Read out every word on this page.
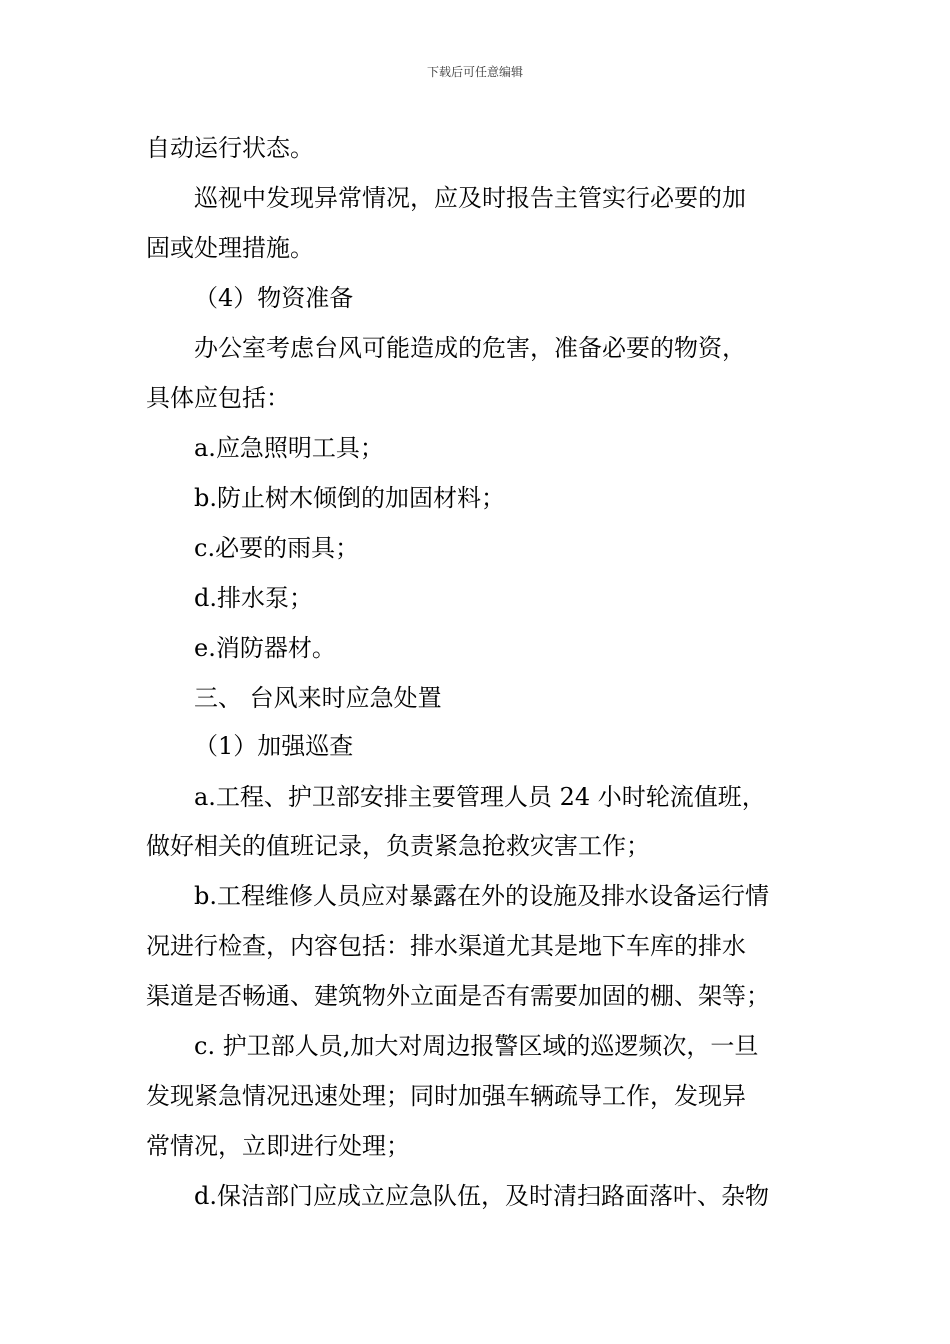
下载后可任意编辑
自动运行状态。
巡视中发现异常情况，应及时报告主管实行必要的加
固或处理措施。
（4）物资准备
办公室考虑台风可能造成的危害，准备必要的物资，
具体应包括：
a.应急照明工具；
b.防止树木倾倒的加固材料；
c.必要的雨具；
d.排水泵；
e.消防器材。
三、 台风来时应急处置
（1）加强巡查
a.工程、护卫部安排主要管理人员 24 小时轮流值班，
做好相关的值班记录，负责紧急抢救灾害工作；
b.工程维修人员应对暴露在外的设施及排水设备运行情
况进行检查，内容包括：排水渠道尤其是地下车库的排水
渠道是否畅通、建筑物外立面是否有需要加固的棚、架等；
c. 护卫部人员,加大对周边报警区域的巡逻频次，一旦
发现紧急情况迅速处理；同时加强车辆疏导工作，发现异
常情况，立即进行处理；
d.保洁部门应成立应急队伍，及时清扫路面落叶、杂物
